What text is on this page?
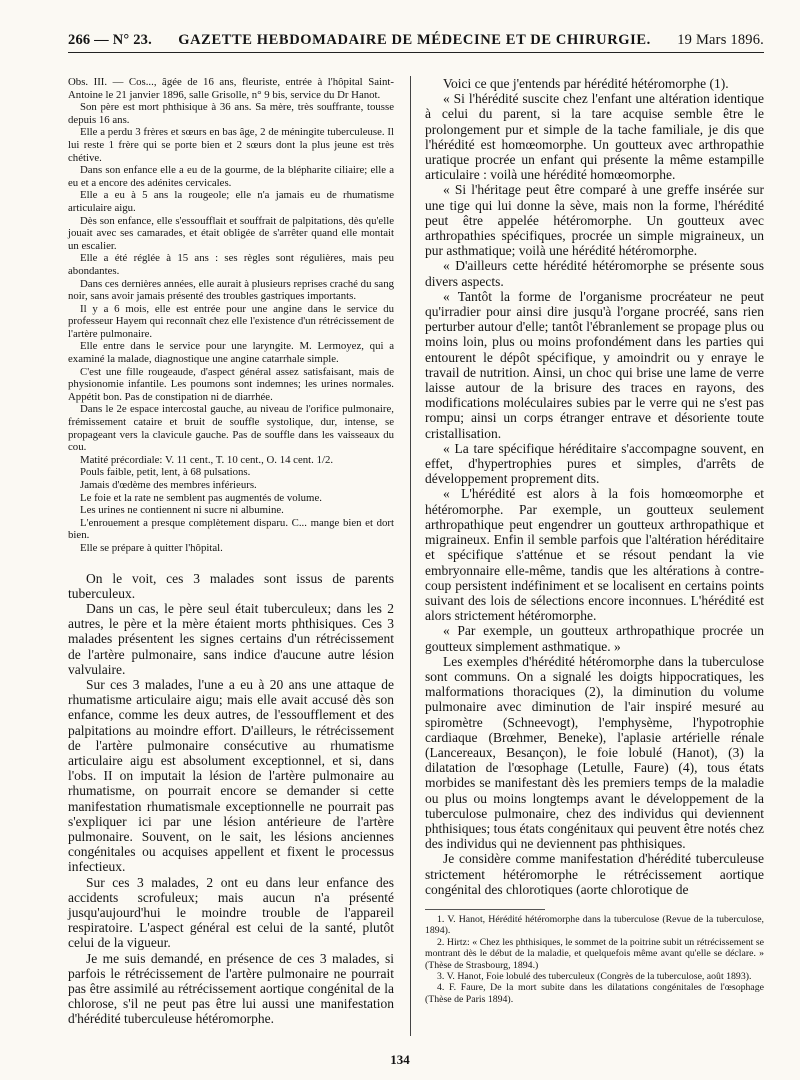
266 — N° 23. GAZETTE HEBDOMADAIRE DE MÉDECINE ET DE CHIRURGIE. 19 Mars 1896.

Obs. III. — Cos..., âgée de 16 ans, fleuriste, entrée à l'hôpital Saint-Antoine le 21 janvier 1896, salle Grisolle, n° 9 bis, service du Dr Hanot.

Son père est mort phthisique à 36 ans. Sa mère, très souffrante, tousse depuis 16 ans.

Elle a perdu 3 frères et sœurs en bas âge, 2 de méningite tuberculeuse. Il lui reste 1 frère qui se porte bien et 2 sœurs dont la plus jeune est très chétive.

Dans son enfance elle a eu de la gourme, de la blépharite ciliaire; elle a eu et a encore des adénites cervicales.

Elle a eu à 5 ans la rougeole; elle n'a jamais eu de rhumatisme articulaire aigu.

Dès son enfance, elle s'essoufflait et souffrait de palpitations, dès qu'elle jouait avec ses camarades, et était obligée de s'arrêter quand elle montait un escalier.

Elle a été réglée à 15 ans : ses règles sont régulières, mais peu abondantes.

Dans ces dernières années, elle aurait à plusieurs reprises craché du sang noir, sans avoir jamais présenté des troubles gastriques importants.

Il y a 6 mois, elle est entrée pour une angine dans le service du professeur Hayem qui reconnaît chez elle l'existence d'un rétrécissement de l'artère pulmonaire.

Elle entre dans le service pour une laryngite. M. Lermoyez, qui a examiné la malade, diagnostique une angine catarrhale simple.

C'est une fille rougeaude, d'aspect général assez satisfaisant, mais de physionomie infantile. Les poumons sont indemnes; les urines normales. Appétit bon. Pas de constipation ni de diarrhée.

Dans le 2e espace intercostal gauche, au niveau de l'orifice pulmonaire, frémissement cataire et bruit de souffle systolique, dur, intense, se propageant vers la clavicule gauche. Pas de souffle dans les vaisseaux du cou.

Matité précordiale: V. 11 cent., T. 10 cent., O. 14 cent. 1/2.

Pouls faible, petit, lent, à 68 pulsations.

Jamais d'œdème des membres inférieurs.

Le foie et la rate ne semblent pas augmentés de volume.

Les urines ne contiennent ni sucre ni albumine.

L'enrouement a presque complètement disparu. C... mange bien et dort bien.

Elle se prépare à quitter l'hôpital.

On le voit, ces 3 malades sont issus de parents tuberculeux.

Dans un cas, le père seul était tuberculeux; dans les 2 autres, le père et la mère étaient morts phthisiques. Ces 3 malades présentent les signes certains d'un rétrécissement de l'artère pulmonaire, sans indice d'aucune autre lésion valvulaire.

Sur ces 3 malades, l'une a eu à 20 ans une attaque de rhumatisme articulaire aigu; mais elle avait accusé dès son enfance, comme les deux autres, de l'essoufflement et des palpitations au moindre effort. D'ailleurs, le rétrécissement de l'artère pulmonaire consécutive au rhumatisme articulaire aigu est absolument exceptionnel, et si, dans l'obs. II on imputait la lésion de l'artère pulmonaire au rhumatisme, on pourrait encore se demander si cette manifestation rhumatismale exceptionnelle ne pourrait pas s'expliquer ici par une lésion antérieure de l'artère pulmonaire. Souvent, on le sait, les lésions anciennes congénitales ou acquises appellent et fixent le processus infectieux.

Sur ces 3 malades, 2 ont eu dans leur enfance des accidents scrofuleux; mais aucun n'a présenté jusqu'aujourd'hui le moindre trouble de l'appareil respiratoire. L'aspect général est celui de la santé, plutôt celui de la vigueur.

Je me suis demandé, en présence de ces 3 malades, si parfois le rétrécissement de l'artère pulmonaire ne pourrait pas être assimilé au rétrécissement aortique congénital de la chlorose, s'il ne peut pas être lui aussi une manifestation d'hérédité tuberculeuse hétéromorphe.

Voici ce que j'entends par hérédité hétéromorphe (1).

« Si l'hérédité suscite chez l'enfant une altération identique à celui du parent, si la tare acquise semble être le prolongement pur et simple de la tache familiale, je dis que l'hérédité est homœomorphe. Un goutteux avec arthropathie uratique procrée un enfant qui présente la même estampille articulaire : voilà une hérédité homœomorphe.

« Si l'héritage peut être comparé à une greffe insérée sur une tige qui lui donne la sève, mais non la forme, l'hérédité peut être appelée hétéromorphe. Un goutteux avec arthropathies spécifiques, procrée un simple migraineux, un pur asthmatique; voilà une hérédité hétéromorphe.

« D'ailleurs cette hérédité hétéromorphe se présente sous divers aspects.

« Tantôt la forme de l'organisme procréateur ne peut qu'irradier pour ainsi dire jusqu'à l'organe procréé, sans rien perturber autour d'elle; tantôt l'ébranlement se propage plus ou moins loin, plus ou moins profondément dans les parties qui entourent le dépôt spécifique, y amoindrit ou y enraye le travail de nutrition. Ainsi, un choc qui brise une lame de verre laisse autour de la brisure des traces en rayons, des modifications moléculaires subies par le verre qui ne s'est pas rompu; ainsi un corps étranger entrave et désoriente toute cristallisation.

« La tare spécifique héréditaire s'accompagne souvent, en effet, d'hypertrophies pures et simples, d'arrêts de développement proprement dits.

« L'hérédité est alors à la fois homœomorphe et hétéromorphe. Par exemple, un goutteux seulement arthropathique peut engendrer un goutteux arthropathique et migraineux. Enfin il semble parfois que l'altération héréditaire et spécifique s'atténue et se résout pendant la vie embryonnaire elle-même, tandis que les altérations à contre-coup persistent indéfiniment et se localisent en certains points suivant des lois de sélections encore inconnues. L'hérédité est alors strictement hétéromorphe.

« Par exemple, un goutteux arthropathique procrée un goutteux simplement asthmatique. »

Les exemples d'hérédité hétéromorphe dans la tuberculose sont communs. On a signalé les doigts hippocratiques, les malformations thoraciques (2), la diminution du volume pulmonaire avec diminution de l'air inspiré mesuré au spiromètre (Schneevogt), l'emphysème, l'hypotrophie cardiaque (Brœhmer, Beneke), l'aplasie artérielle rénale (Lancereaux, Besançon), le foie lobulé (Hanot), (3) la dilatation de l'œsophage (Letulle, Faure) (4), tous états morbides se manifestant dès les premiers temps de la maladie ou plus ou moins longtemps avant le développement de la tuberculose pulmonaire, chez des individus qui deviennent phthisiques; tous états congénitaux qui peuvent être notés chez des individus qui ne deviennent pas phthisiques.

Je considère comme manifestation d'hérédité tuberculeuse strictement hétéromorphe le rétrécissement aortique congénital des chlorotiques (aorte chlorotique de

1. V. Hanot, Hérédité hétéromorphe dans la tuberculose (Revue de la tuberculose, 1894).

2. Hirtz: « Chez les phthisiques, le sommet de la poitrine subit un rétrécissement se montrant dès le début de la maladie, et quelquefois même avant qu'elle se déclare. » (Thèse de Strasbourg, 1894.)

3. V. Hanot, Foie lobulé des tuberculeux (Congrès de la tuberculose, août 1893).

4. F. Faure, De la mort subite dans les dilatations congénitales de l'œsophage (Thèse de Paris 1894).

134
